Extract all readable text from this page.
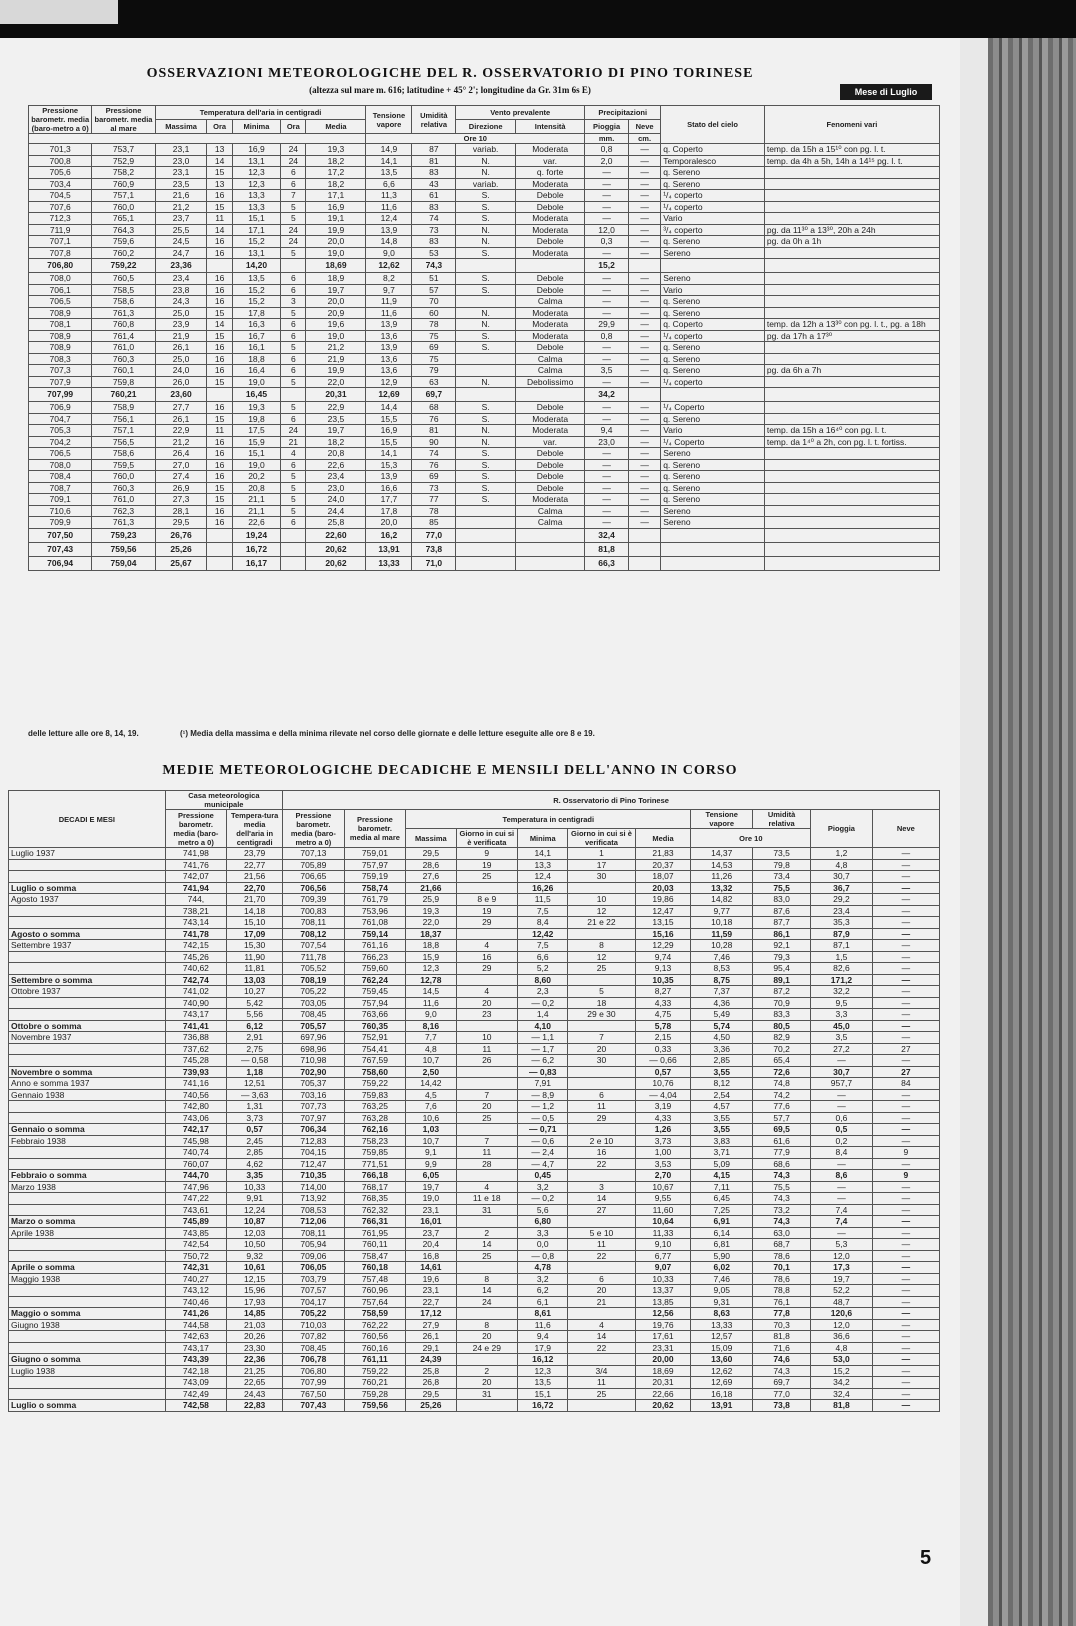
OSSERVAZIONI METEOROLOGICHE DEL R. OSSERVATORIO DI PINO TORINESE
(altezza sul mare m. 616; latitudine + 45° 2'; longitudine da Gr. 31m 6s E)	Mese di Luglio
Pressione barometr. media (baro-metro a 0)	Pressione barometr. media al mare	Temperatura dell'aria in centigradi					Tensione vapore	Umidità relativa	Vento prevalente		Precipitazioni		Stato del cielo	Fenomeni vari
		Massima	Ora	Minima	Ora	Media			Direzione	Intensità	Pioggia	Neve		
							Ore 10				mm.	cm.		
701,3	753,7	23,1	13	16,9	24	19,3	14,9	87	variab.	Moderata	0,8	—	q. Coperto	temp. da 15h a 15¹⁰ con pg. l. t.
700,8	752,9	23,0	14	13,1	24	18,2	14,1	81	N.	var.	2,0	—	Temporalesco	temp. da 4h a 5h, 14h a 14¹⁵ pg. l. t.
705,6	758,2	23,1	15	12,3	6	17,2	13,5	83	N.	q. forte	—	—	q. Sereno	
703,4	760,9	23,5	13	12,3	6	18,2	6,6	43	variab.	Moderata	—	—	q. Sereno	
704,5	757,1	21,6	16	13,3	7	17,1	11,3	61	S.	Debole	—	—	¹/₄ coperto	
707,6	760,0	21,2	15	13,3	5	16,9	11,6	83	S.	Debole	—	—	¹/₄ coperto	
712,3	765,1	23,7	11	15,1	5	19,1	12,4	74	S.	Moderata	—	—	Vario	
711,9	764,3	25,5	14	17,1	24	19,9	13,9	73	N.	Moderata	12,0	—	³/₄ coperto	pg. da 11³⁰ a 13³⁰, 20h a 24h
707,1	759,6	24,5	16	15,2	24	20,0	14,8	83	N.	Debole	0,3	—	q. Sereno	pg. da 0h a 1h
707,8	760,2	24,7	16	13,1	5	19,0	9,0	53	S.	Moderata	—	—	Sereno	
706,80	759,22	23,36		14,20		18,69	12,62	74,3			15,2			
708,0	760,5	23,4	16	13,5	6	18,9	8,2	51	S.	Debole	—	—	Sereno	
706,1	758,5	23,8	16	15,2	6	19,7	9,7	57	S.	Debole	—	—	Vario	
706,5	758,6	24,3	16	15,2	3	20,0	11,9	70		Calma	—	—	q. Sereno	
708,9	761,3	25,0	15	17,8	5	20,9	11,6	60	N.	Moderata	—	—	q. Sereno	
708,1	760,8	23,9	14	16,3	6	19,6	13,9	78	N.	Moderata	29,9	—	q. Coperto	temp. da 12h a 13³⁰ con pg. l. t., pg. a 18h
708,9	761,4	21,9	15	16,7	6	19,0	13,6	75	S.	Moderata	0,8	—	¹/₄ coperto	pg. da 17h a 17³⁰
708,9	761,0	26,1	16	16,1	5	21,2	13,9	69	S.	Debole	—	—	q. Sereno	
708,3	760,3	25,0	16	18,8	6	21,9	13,6	75		Calma	—	—	q. Sereno	
707,3	760,1	24,0	16	16,4	6	19,9	13,6	79		Calma	3,5	—	q. Sereno	pg. da 6h a 7h
707,9	759,8	26,0	15	19,0	5	22,0	12,9	63	N.	Debolissimo	—	—	¹/₄ coperto	
707,99	760,21	23,60		16,45		20,31	12,69	69,7			34,2			
706,9	758,9	27,7	16	19,3	5	22,9	14,4	68	S.	Debole	—	—	¹/₄ Coperto	
704,7	756,1	26,1	15	19,8	6	23,5	15,5	76	S.	Moderata	—	—	q. Sereno	
705,3	757,1	22,9	11	17,5	24	19,7	16,9	81	N.	Moderata	9,4	—	Vario	temp. da 15h a 16⁴⁰ con pg. l. t.
704,2	756,5	21,2	16	15,9	21	18,2	15,5	90	N.	var.	23,0	—	¹/₄ Coperto	temp. da 1⁴⁰ a 2h, con pg. l. t. fortiss.
706,5	758,6	26,4	16	15,1	4	20,8	14,1	74	S.	Debole	—	—	Sereno	
708,0	759,5	27,0	16	19,0	6	22,6	15,3	76	S.	Debole	—	—	q. Sereno	
708,4	760,0	27,4	16	20,2	5	23,4	13,9	69	S.	Debole	—	—	q. Sereno	
708,7	760,3	26,9	15	20,8	5	23,0	16,6	73	S.	Debole	—	—	q. Sereno	
709,1	761,0	27,3	15	21,1	5	24,0	17,7	77	S.	Moderata	—	—	q. Sereno	
710,6	762,3	28,1	16	21,1	5	24,4	17,8	78		Calma	—	—	Sereno	
709,9	761,3	29,5	16	22,6	6	25,8	20,0	85		Calma	—	—	Sereno	
707,50	759,23	26,76		19,24		22,60	16,2	77,0			32,4			
707,43	759,56	25,26		16,72		20,62	13,91	73,8			81,8			
706,94	759,04	25,67		16,17		20,62	13,33	71,0			66,3			
delle letture alle ore 8, 14, 19.	(¹) Media della massima e della minima rilevate nel corso delle giornate e delle letture eseguite alle ore 8 e 19.
MEDIE METEOROLOGICHE DECADICHE E MENSILI DELL'ANNO IN CORSO
DECADI E MESI	Casa meteorologica municipale		R. Osservatorio di Pino Torinese										
	Pressione barometr. media (baro-metro a 0)	Tempera-tura media dell'aria in centigradi	Pressione barometr. media (baro-metro a 0)	Pressione barometr. media al mare	Temperatura in centigradi					Tensione vapore	Umidità relativa	Pioggia	Neve
					Massima	Giorno in cui si è verificata	Minima	Giorno in cui si è verificata	Media	Ore 10			
Luglio 1937	741,98	23,79	707,13	759,01	29,5	9	14,1	1	21,83	14,37	73,5	1,2	—
	741,76	22,77	705,89	757,97	28,6	19	13,3	17	20,37	14,53	79,8	4,8	—
	742,07	21,56	706,65	759,19	27,6	25	12,4	30	18,07	11,26	73,4	30,7	—
Luglio o somma	741,94	22,70	706,56	758,74	21,66		16,26		20,03	13,32	75,5	36,7	—
Agosto 1937	744,	21,70	709,39	761,79	25,9	8 e 9	11,5	10	19,86	14,82	83,0	29,2	—
	738,21	14,18	700,83	753,96	19,3	19	7,5	12	12,47	9,77	87,6	23,4	—
	743,14	15,10	708,11	761,08	22,0	29	8,4	21 e 22	13,15	10,18	87,7	35,3	—
Agosto o somma	741,78	17,09	708,12	759,14	18,37		12,42		15,16	11,59	86,1	87,9	—
Settembre 1937	742,15	15,30	707,54	761,16	18,8	4	7,5	8	12,29	10,28	92,1	87,1	—
	745,26	11,90	711,78	766,23	15,9	16	6,6	12	9,74	7,46	79,3	1,5	—
	740,62	11,81	705,52	759,60	12,3	29	5,2	25	9,13	8,53	95,4	82,6	—
Settembre o somma	742,74	13,03	708,19	762,24	12,78		8,60		10,35	8,75	89,1	171,2	—
Ottobre 1937	741,02	10,27	705,22	759,45	14,5	4	2,3	5	8,27	7,37	87,2	32,2	—
	740,90	5,42	703,05	757,94	11,6	20	— 0,2	18	4,33	4,36	70,9	9,5	—
	743,17	5,56	708,45	763,66	9,0	23	1,4	29 e 30	4,75	5,49	83,3	3,3	—
Ottobre o somma	741,41	6,12	705,57	760,35	8,16		4,10		5,78	5,74	80,5	45,0	—
Novembre 1937	736,88	2,91	697,96	752,91	7,7	10	— 1,1	7	2,15	4,50	82,9	3,5	—
	737,62	2,75	698,96	754,41	4,8	11	— 1,7	20	0,33	3,36	70,2	27,2	27
	745,28	— 0,58	710,98	767,59	10,7	26	— 6,2	30	— 0,66	2,85	65,4	—	—
Novembre o somma	739,93	1,18	702,90	758,60	2,50		— 0,83		0,57	3,55	72,6	30,7	27
Anno e somma 1937	741,16	12,51	705,37	759,22	14,42		7,91		10,76	8,12	74,8	957,7	84
Gennaio 1938	740,56	— 3,63	703,16	759,83	4,5	7	— 8,9	6	— 4,04	2,54	74,2	—	—
	742,80	1,31	707,73	763,25	7,6	20	— 1,2	11	3,19	4,57	77,6	—	—
	743,06	3,73	707,97	763,28	10,6	25	— 0,5	29	4,33	3,55	57,7	0,6	—
Gennaio o somma	742,17	0,57	706,34	762,16	1,03		— 0,71		1,26	3,55	69,5	0,5	—
Febbraio 1938	745,98	2,45	712,83	758,23	10,7	7	— 0,6	2 e 10	3,73	3,83	61,6	0,2	—
	740,74	2,85	704,15	759,85	9,1	11	— 2,4	16	1,00	3,71	77,9	8,4	9
	760,07	4,62	712,47	771,51	9,9	28	— 4,7	22	3,53	5,09	68,6	—	—
Febbraio o somma	744,70	3,35	710,35	766,18	6,05		0,45		2,70	4,15	74,3	8,6	9
Marzo 1938	747,96	10,33	714,00	768,17	19,7	4	3,2	3	10,67	7,11	75,5	—	—
	747,22	9,91	713,92	768,35	19,0	11 e 18	— 0,2	14	9,55	6,45	74,3	—	—
	743,61	12,24	708,53	762,32	23,1	31	5,6	27	11,60	7,25	73,2	7,4	—
Marzo o somma	745,89	10,87	712,06	766,31	16,01		6,80		10,64	6,91	74,3	7,4	—
Aprile 1938	743,85	12,03	708,11	761,95	23,7	2	3,3	5 e 10	11,33	6,14	63,0	—	—
	742,54	10,50	705,94	760,11	20,4	14	0,0	11	9,10	6,81	68,7	5,3	—
	750,72	9,32	709,06	758,47	16,8	25	— 0,8	22	6,77	5,90	78,6	12,0	—
Aprile o somma	742,31	10,61	706,05	760,18	14,61		4,78		9,07	6,02	70,1	17,3	—
Maggio 1938	740,27	12,15	703,79	757,48	19,6	8	3,2	6	10,33	7,46	78,6	19,7	—
	743,12	15,96	707,57	760,96	23,1	14	6,2	20	13,37	9,05	78,8	52,2	—
	740,46	17,93	704,17	757,64	22,7	24	6,1	21	13,85	9,31	76,1	48,7	—
Maggio o somma	741,26	14,85	705,22	758,59	17,12		8,61		12,56	8,63	77,8	120,6	—
Giugno 1938	744,58	21,03	710,03	762,22	27,9	8	11,6	4	19,76	13,33	70,3	12,0	—
	742,63	20,26	707,82	760,56	26,1	20	9,4	14	17,61	12,57	81,8	36,6	—
	743,17	23,30	708,45	760,16	29,1	24 e 29	17,9	22	23,31	15,09	71,6	4,8	—
Giugno o somma	743,39	22,36	706,78	761,11	24,39		16,12		20,00	13,60	74,6	53,0	—
Luglio 1938	742,18	21,25	706,80	759,22	25,8	2	12,3	3/4	18,69	12,62	74,3	15,2	—
	743,09	22,65	707,99	760,21	26,8	20	13,5	11	20,31	12,69	69,7	34,2	—
	742,49	24,43	767,50	759,28	29,5	31	15,1	25	22,66	16,18	77,0	32,4	—
Luglio o somma	742,58	22,83	707,43	759,56	25,26		16,72		20,62	13,91	73,8	81,8	—
5
